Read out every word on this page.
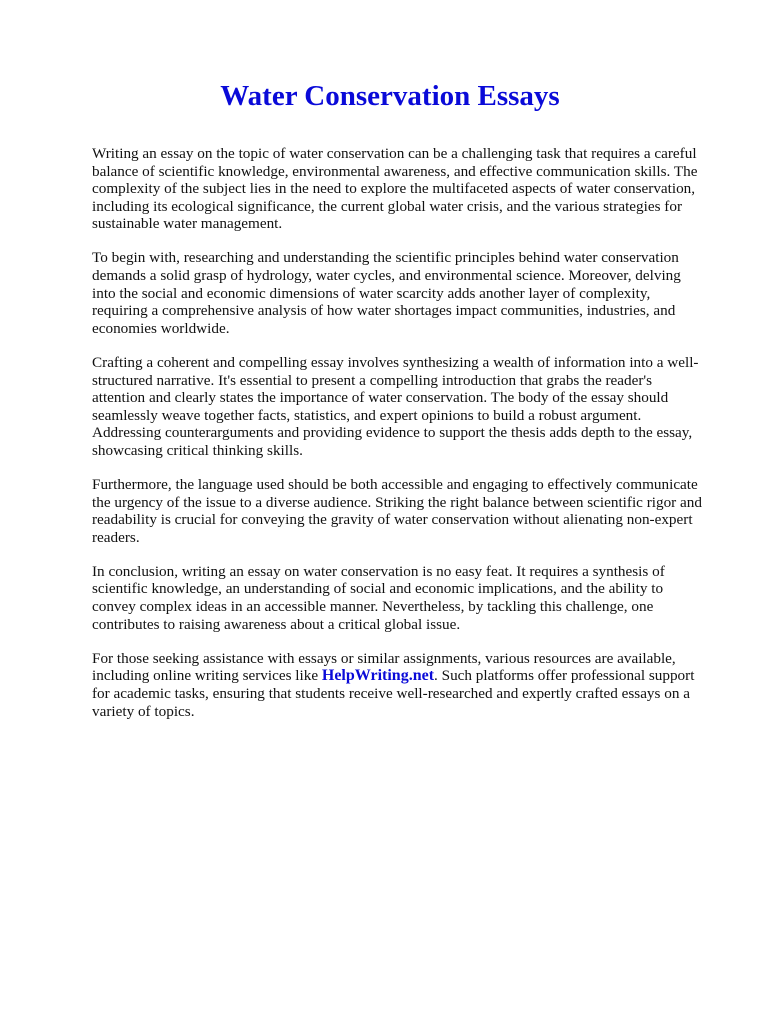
Water Conservation Essays

Writing an essay on the topic of water conservation can be a challenging task that requires a careful balance of scientific knowledge, environmental awareness, and effective communication skills. The complexity of the subject lies in the need to explore the multifaceted aspects of water conservation, including its ecological significance, the current global water crisis, and the various strategies for sustainable water management.

To begin with, researching and understanding the scientific principles behind water conservation demands a solid grasp of hydrology, water cycles, and environmental science. Moreover, delving into the social and economic dimensions of water scarcity adds another layer of complexity, requiring a comprehensive analysis of how water shortages impact communities, industries, and economies worldwide.

Crafting a coherent and compelling essay involves synthesizing a wealth of information into a well-structured narrative. It's essential to present a compelling introduction that grabs the reader's attention and clearly states the importance of water conservation. The body of the essay should seamlessly weave together facts, statistics, and expert opinions to build a robust argument. Addressing counterarguments and providing evidence to support the thesis adds depth to the essay, showcasing critical thinking skills.

Furthermore, the language used should be both accessible and engaging to effectively communicate the urgency of the issue to a diverse audience. Striking the right balance between scientific rigor and readability is crucial for conveying the gravity of water conservation without alienating non-expert readers.

In conclusion, writing an essay on water conservation is no easy feat. It requires a synthesis of scientific knowledge, an understanding of social and economic implications, and the ability to convey complex ideas in an accessible manner. Nevertheless, by tackling this challenge, one contributes to raising awareness about a critical global issue.

For those seeking assistance with essays or similar assignments, various resources are available, including online writing services like HelpWriting.net. Such platforms offer professional support for academic tasks, ensuring that students receive well-researched and expertly crafted essays on a variety of topics.
